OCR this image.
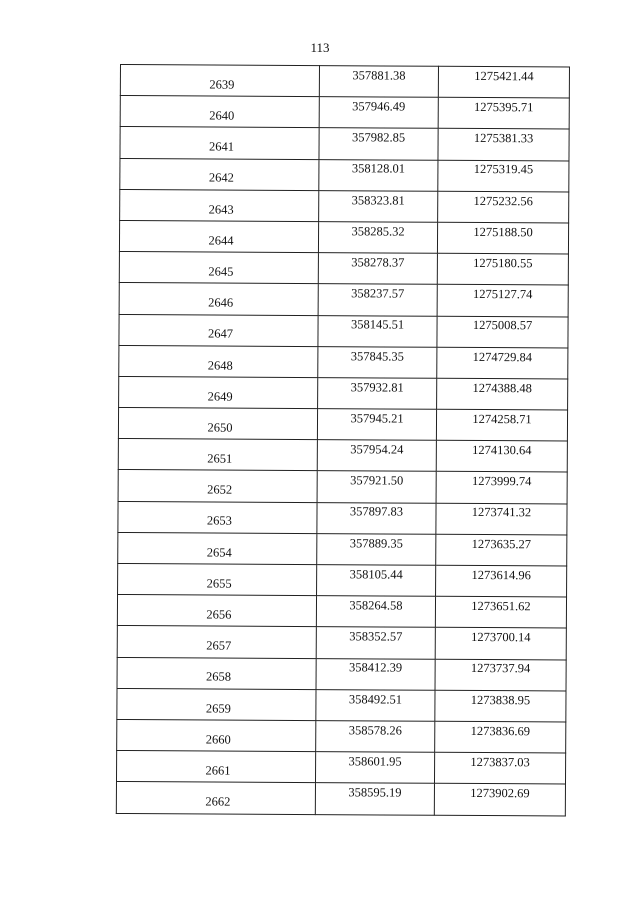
113
2639	357881.38	1275421.44
2640	357946.49	1275395.71
2641	357982.85	1275381.33
2642	358128.01	1275319.45
2643	358323.81	1275232.56
2644	358285.32	1275188.50
2645	358278.37	1275180.55
2646	358237.57	1275127.74
2647	358145.51	1275008.57
2648	357845.35	1274729.84
2649	357932.81	1274388.48
2650	357945.21	1274258.71
2651	357954.24	1274130.64
2652	357921.50	1273999.74
2653	357897.83	1273741.32
2654	357889.35	1273635.27
2655	358105.44	1273614.96
2656	358264.58	1273651.62
2657	358352.57	1273700.14
2658	358412.39	1273737.94
2659	358492.51	1273838.95
2660	358578.26	1273836.69
2661	358601.95	1273837.03
2662	358595.19	1273902.69
